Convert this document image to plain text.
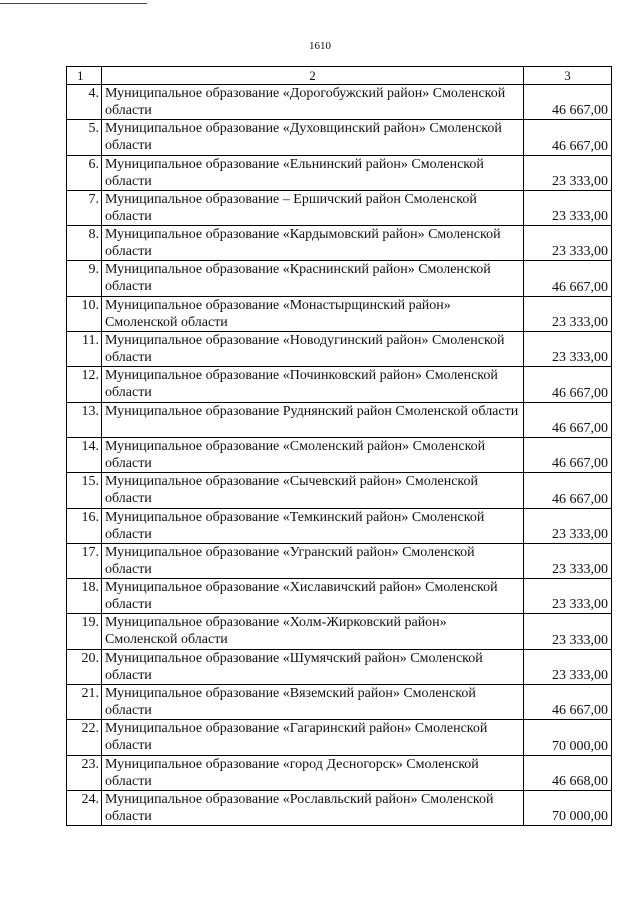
1610
1	2	3
4.	Муниципальное образование «Дорогобужский район» Смоленской области	46 667,00
5.	Муниципальное образование «Духовщинский район» Смоленской области	46 667,00
6.	Муниципальное образование «Ельнинский район» Смоленской области	23 333,00
7.	Муниципальное образование – Ершичский район Смоленской области	23 333,00
8.	Муниципальное образование «Кардымовский район» Смоленской области	23 333,00
9.	Муниципальное образование «Краснинский район» Смоленской области	46 667,00
10.	Муниципальное образование «Монастырщинский район» Смоленской области	23 333,00
11.	Муниципальное образование «Новодугинский район» Смоленской области	23 333,00
12.	Муниципальное образование «Починковский район» Смоленской области	46 667,00
13.	Муниципальное образование Руднянский район Смоленской области	46 667,00
14.	Муниципальное образование «Смоленский район» Смоленской области	46 667,00
15.	Муниципальное образование «Сычевский район» Смоленской области	46 667,00
16.	Муниципальное образование «Темкинский район» Смоленской области	23 333,00
17.	Муниципальное образование «Угранский район» Смоленской области	23 333,00
18.	Муниципальное образование «Хиславичский район» Смоленской области	23 333,00
19.	Муниципальное образование «Холм-Жирковский район» Смоленской области	23 333,00
20.	Муниципальное образование «Шумячский район» Смоленской области	23 333,00
21.	Муниципальное образование «Вяземский район» Смоленской области	46 667,00
22.	Муниципальное образование «Гагаринский район» Смоленской области	70 000,00
23.	Муниципальное образование «город Десногорск» Смоленской области	46 668,00
24.	Муниципальное образование «Рославльский район» Смоленской области	70 000,00
